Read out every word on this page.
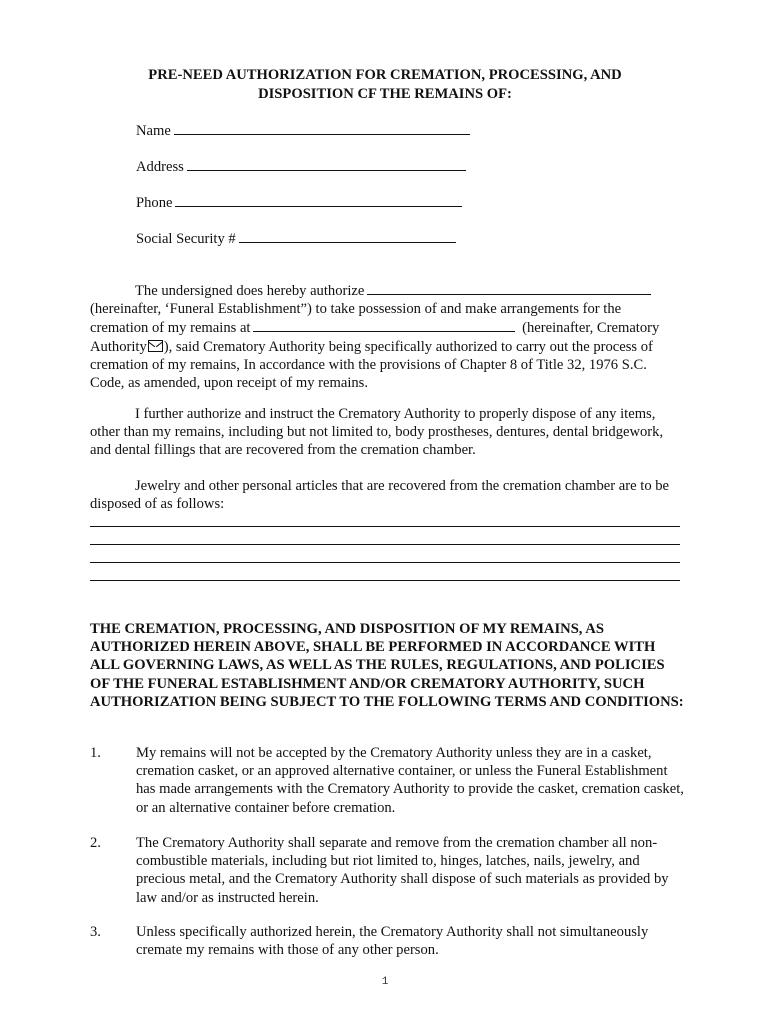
PRE-NEED AUTHORIZATION FOR CREMATION, PROCESSING, AND
DISPOSITION CF THE REMAINS OF:
Name
Address
Phone
Social Security #

The undersigned does hereby authorize (hereinafter, ‘Funeral Establishment”) to take possession of and make arrangements for the cremation of my remains at	(hereinafter, Crematory Authority ), said Crematory Authority being specifically authorized to carry out the process of cremation of my remains, In accordance with the provisions of Chapter 8 of Title 32, 1976 S.C. Code, as amended, upon receipt of my remains.

I further authorize and instruct the Crematory Authority to properly dispose of any items, other than my remains, including but not limited to, body prostheses, dentures, dental bridgework, and dental fillings that are recovered from the cremation chamber.

Jewelry and other personal articles that are recovered from the cremation chamber are to be disposed of as follows:

THE CREMATION, PROCESSING, AND DISPOSITION OF MY REMAINS, AS AUTHORIZED HEREIN ABOVE, SHALL BE PERFORMED IN ACCORDANCE WITH ALL GOVERNING LAWS, AS WELL AS THE RULES, REGULATIONS, AND POLICIES OF THE FUNERAL ESTABLISHMENT AND/OR CREMATORY AUTHORITY, SUCH AUTHORIZATION BEING SUBJECT TO THE FOLLOWING TERMS AND CONDITIONS:

1. My remains will not be accepted by the Crematory Authority unless they are in a casket, cremation casket, or an approved alternative container, or unless the Funeral Establishment has made arrangements with the Crematory Authority to provide the casket, cremation casket, or an alternative container before cremation.

2. The Crematory Authority shall separate and remove from the cremation chamber all non-combustible materials, including but riot limited to, hinges, latches, nails, jewelry, and precious metal, and the Crematory Authority shall dispose of such materials as provided by law and/or as instructed herein.

3. Unless specifically authorized herein, the Crematory Authority shall not simultaneously cremate my remains with those of any other person.

1
